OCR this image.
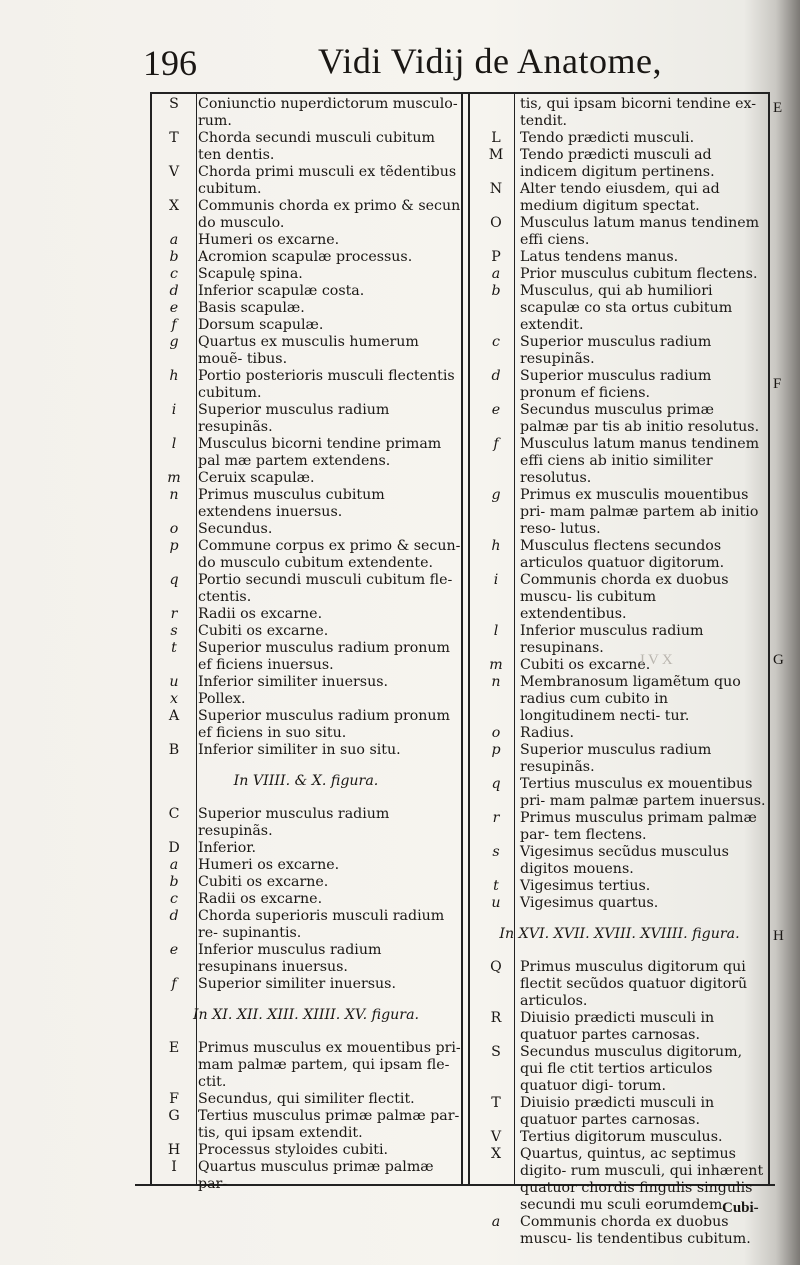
196	Vidi Vidij de Anatome,
S	Coniunctio nuperdictorum musculo- rum.
T	Chorda secundi musculi cubitum ten dentis.
V	Chorda primi musculi ex tẽdentibus cubitum.
X	Communis chorda ex primo & secun do musculo.
a	Humeri os excarne.
b	Acromion scapulæ processus.
c	Scapulę spina.
d	Inferior scapulæ costa.
e	Basis scapulæ.
f	Dorsum scapulæ.
g	Quartus ex musculis humerum mouẽ- tibus.
h	Portio posterioris musculi flectentis cubitum.
i	Superior musculus radium resupinãs.
l	Musculus bicorni tendine primam pal mæ partem extendens.
m	Ceruix scapulæ.
n	Primus musculus cubitum extendens inuersus.
o	Secundus.
p	Commune corpus ex primo & secun- do musculo cubitum extendente.
q	Portio secundi musculi cubitum fle- ctentis.
r	Radii os excarne.
s	Cubiti os excarne.
t	Superior musculus radium pronum ef ficiens inuersus.
u	Inferior similiter inuersus.
x	Pollex.
A	Superior musculus radium pronum ef ficiens in suo situ.
B	Inferior similiter in suo situ.
In VIIII. & X. figura.
C	Superior musculus radium resupinãs.
D	Inferior.
a	Humeri os excarne.
b	Cubiti os excarne.
c	Radii os excarne.
d	Chorda superioris musculi radium re- supinantis.
e	Inferior musculus radium resupinans inuersus.
f	Superior similiter inuersus.
In XI. XII. XIII. XIIII. XV. figura.
E	Primus musculus ex mouentibus pri- mam palmæ partem, qui ipsam fle- ctit.
F	Secundus, qui similiter flectit.
G	Tertius musculus primæ palmæ par- tis, qui ipsam extendit.
H	Processus styloides cubiti.
I	Quartus musculus primæ palmæ par-
tis, qui ipsam bicorni tendine ex- tendit.
L	Tendo prædicti musculi.
M	Tendo prædicti musculi ad indicem digitum pertinens.
N	Alter tendo eiusdem, qui ad medium digitum spectat.
O	Musculus latum manus tendinem effi ciens.
P	Latus tendens manus.
a	Prior musculus cubitum flectens.
b	Musculus, qui ab humiliori scapulæ co sta ortus cubitum extendit.
c	Superior musculus radium resupinãs.
d	Superior musculus radium pronum ef ficiens.
e	Secundus musculus primæ palmæ par tis ab initio resolutus.
f	Musculus latum manus tendinem effi ciens ab initio similiter resolutus.
g	Primus ex musculis mouentibus pri- mam palmæ partem ab initio reso- lutus.
h	Musculus flectens secundos articulos quatuor digitorum.
i	Communis chorda ex duobus muscu- lis cubitum extendentibus.
l	Inferior musculus radium resupinans.
m	Cubiti os excarne.
n	Membranosum ligamẽtum quo radius cum cubito in longitudinem necti- tur.
o	Radius.
p	Superior musculus radium resupinãs.
q	Tertius musculus ex mouentibus pri- mam palmæ partem inuersus.
r	Primus musculus primam palmæ par- tem flectens.
s	Vigesimus secũdus musculus digitos mouens.
t	Vigesimus tertius.
u	Vigesimus quartus.
In XVI. XVII. XVIII. XVIIII. figura.
Q	Primus musculus digitorum qui flectit secũdos quatuor digitorũ articulos.
R	Diuisio prædicti musculi in quatuor partes carnosas.
S	Secundus musculus digitorum, qui fle ctit tertios articulos quatuor digi- torum.
T	Diuisio prædicti musculi in quatuor partes carnosas.
V	Tertius digitorum musculus.
X	Quartus, quintus, ac septimus digito- rum musculi, qui inhærent quatuor chordis fingulis singulis secundi mu sculi eorumdem.
a	Communis chorda ex duobus muscu- lis tendentibus cubitum.
E
F
G
H
IVX
Cubi-
